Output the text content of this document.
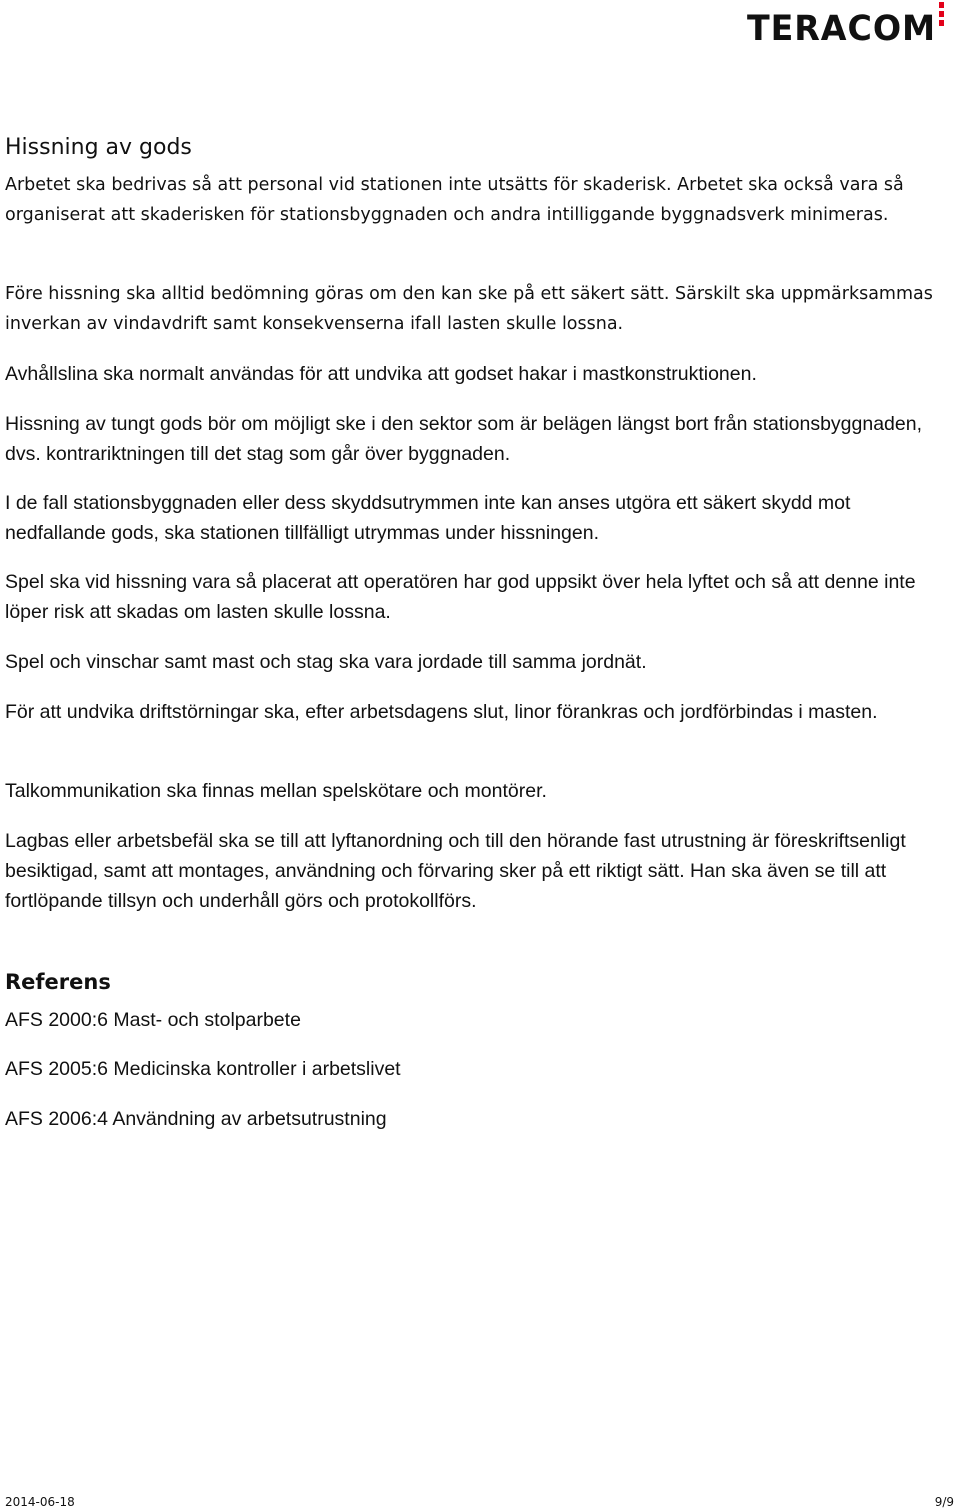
TERACOM
Hissning av gods

Arbetet ska bedrivas så att personal vid stationen inte utsätts för skaderisk. Arbetet ska också vara så organiserat att skaderisken för stationsbyggnaden och andra intilliggande byggnadsverk minimeras.

Före hissning ska alltid bedömning göras om den kan ske på ett säkert sätt. Särskilt ska uppmärksammas inverkan av vindavdrift samt konsekvenserna ifall lasten skulle lossna.

Avhållslina ska normalt användas för att undvika att godset hakar i mastkonstruktionen.

Hissning av tungt gods bör om möjligt ske i den sektor som är belägen längst bort från stationsbyggnaden, dvs. kontrariktningen till det stag som går över byggnaden.

I de fall stationsbyggnaden eller dess skyddsutrymmen inte kan anses utgöra ett säkert skydd mot nedfallande gods, ska stationen tillfälligt utrymmas under hissningen.

Spel ska vid hissning vara så placerat att operatören har god uppsikt över hela lyftet och så att denne inte löper risk att skadas om lasten skulle lossna.

Spel och vinschar samt mast och stag ska vara jordade till samma jordnät.

För att undvika driftstörningar ska, efter arbetsdagens slut, linor förankras och jordförbindas i masten.

Talkommunikation ska finnas mellan spelskötare och montörer.

Lagbas eller arbetsbefäl ska se till att lyftanordning och till den hörande fast utrustning är föreskriftsenligt besiktigad, samt att montages, användning och förvaring sker på ett riktigt sätt. Han ska även se till att fortlöpande tillsyn och underhåll görs och protokollförs.

Referens

AFS 2000:6 Mast- och stolparbete

AFS 2005:6 Medicinska kontroller i arbetslivet

AFS 2006:4 Användning av arbetsutrustning

2014-06-18	9/9
